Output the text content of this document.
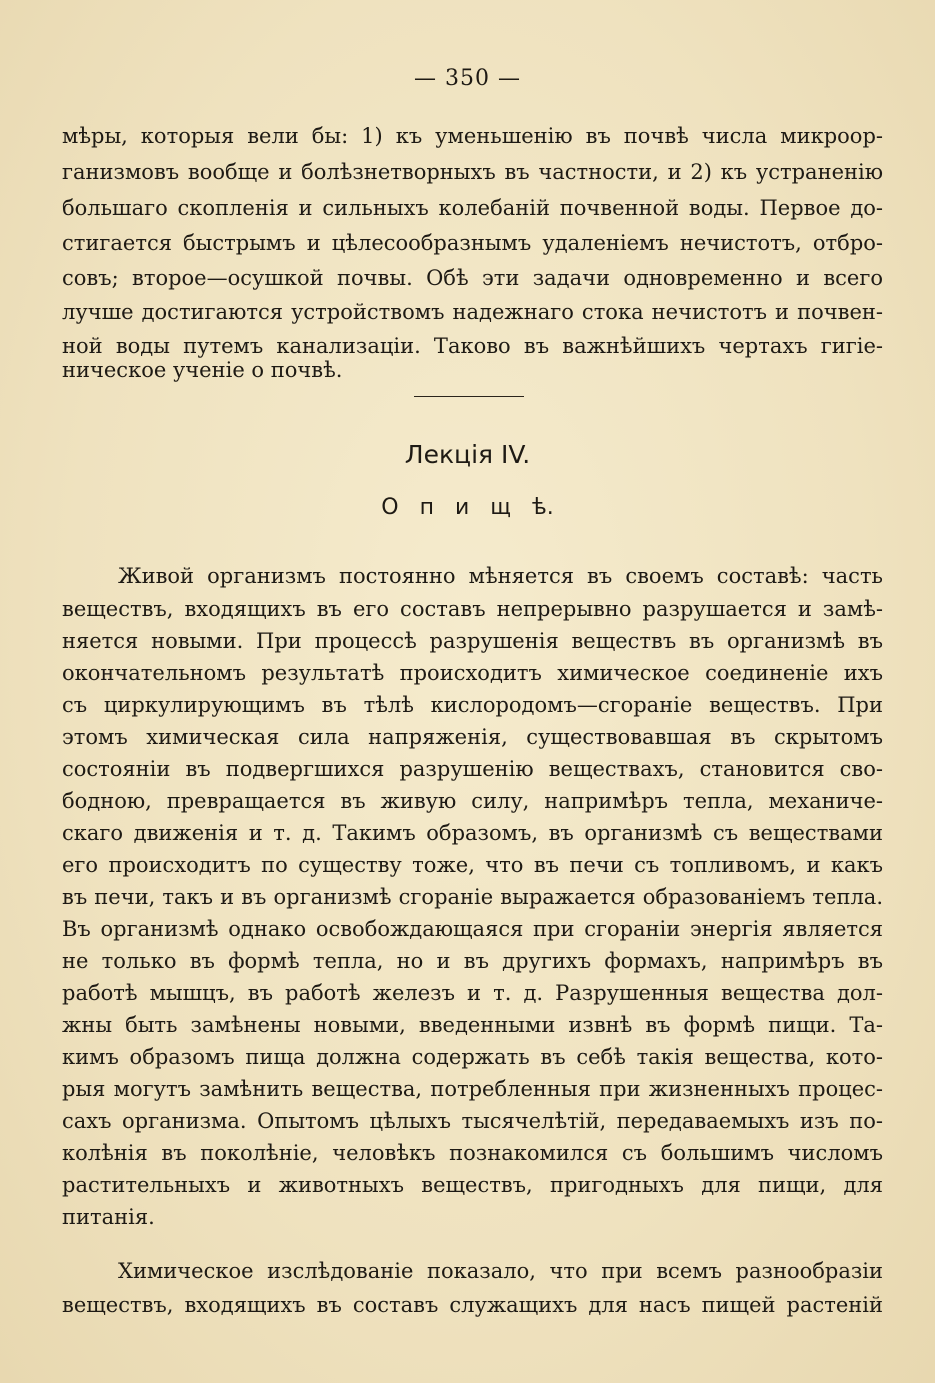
— 350 —
мѣры, которыя вели бы: 1) къ уменьшенію въ почвѣ числа микроор-
ганизмовъ вообще и болѣзнетворныхъ въ частности, и 2) къ устраненію
большаго скопленія и сильныхъ колебаній почвенной воды. Первое до-
стигается быстрымъ и цѣлесообразнымъ удаленіемъ нечистотъ, отбро-
совъ; второе—осушкой почвы. Обѣ эти задачи одновременно и всего
лучше достигаются устройствомъ надежнаго стока нечистотъ и почвен-
ной воды путемъ канализаціи. Таково въ важнѣйшихъ чертахъ гигіе-
ническое ученіе о почвѣ.
Лекція IV.
О п и щ ѣ.
Живой организмъ постоянно мѣняется въ своемъ составѣ: часть
веществъ, входящихъ въ его составъ непрерывно разрушается и замѣ-
няется новыми. При процессѣ разрушенія веществъ въ организмѣ въ
окончательномъ результатѣ происходитъ химическое соединеніе ихъ
съ циркулирующимъ въ тѣлѣ кислородомъ—сгораніе веществъ. При
этомъ химическая сила напряженія, существовавшая въ скрытомъ
состояніи въ подвергшихся разрушенію веществахъ, становится сво-
бодною, превращается въ живую силу, напримѣръ тепла, механиче-
скаго движенія и т. д. Такимъ образомъ, въ организмѣ съ веществами
его происходитъ по существу тоже, что въ печи съ топливомъ, и какъ
въ печи, такъ и въ организмѣ сгораніе выражается образованіемъ тепла.
Въ организмѣ однако освобождающаяся при сгораніи энергія является
не только въ формѣ тепла, но и въ другихъ формахъ, напримѣръ въ
работѣ мышцъ, въ работѣ железъ и т. д. Разрушенныя вещества дол-
жны быть замѣнены новыми, введенными извнѣ въ формѣ пищи. Та-
кимъ образомъ пища должна содержать въ себѣ такія вещества, кото-
рыя могутъ замѣнить вещества, потребленныя при жизненныхъ процес-
сахъ организма. Опытомъ цѣлыхъ тысячелѣтій, передаваемыхъ изъ по-
колѣнія въ поколѣніе, человѣкъ познакомился съ большимъ числомъ
растительныхъ и животныхъ веществъ, пригодныхъ для пищи, для
питанія.
Химическое изслѣдованіе показало, что при всемъ разнообразіи
веществъ, входящихъ въ составъ служащихъ для насъ пищей растеній
